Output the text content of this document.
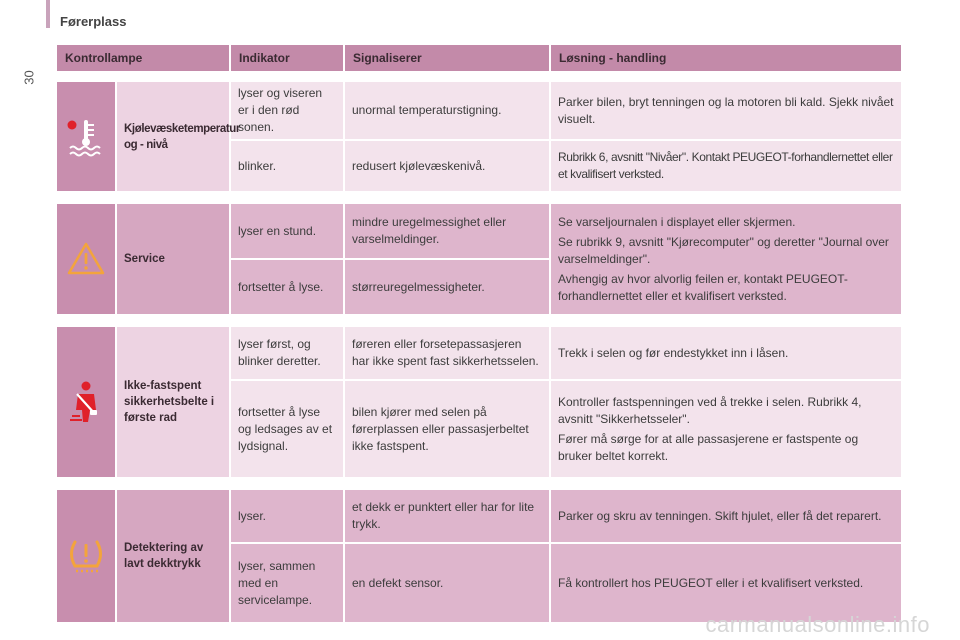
Førerplass
30
Kontrollampe		Indikator	Signaliserer	Løsning - handling

	Kjølevæsketemperatur og - nivå	lyser og viseren er i den rød sonen.	unormal temperaturstigning.	Parker bilen, bryt tenningen og la motoren bli kald. Sjekk nivået visuelt.

		blinker.	redusert kjølevæskenivå.	Rubrikk 6, avsnitt "Nivåer". Kontakt PEUGEOT-forhandlernettet eller et kvalifisert verksted.

	Service	lyser en stund.	mindre uregelmessighet eller varselmeldinger.	Se varseljournalen i displayet eller skjermen.

Se rubrikk 9, avsnitt "Kjørecomputer" og deretter "Journal over varselmeldinger".

Avhengig av hvor alvorlig feilen er, kontakt PEUGEOT-forhandlernettet eller et kvalifisert verksted.

		fortsetter å lyse.	størreuregelmessigheter.	

	Ikke-fastspent sikkerhetsbelte i første rad	lyser først, og blinker deretter.	føreren eller forsetepassasjeren har ikke spent fast sikkerhetsselen.	Trekk i selen og før endestykket inn i låsen.

		fortsetter å lyse og ledsages av et lydsignal.	bilen kjører med selen på førerplassen eller passasjerbeltet ikke fastspent.	Kontroller fastspenningen ved å trekke i selen. Rubrikk 4, avsnitt "Sikkerhetsseler".

Fører må sørge for at alle passasjerene er fastspente og bruker beltet korrekt.

	Detektering av lavt dekktrykk	lyser.	et dekk er punktert eller har for lite trykk.	Parker og skru av tenningen. Skift hjulet, eller få det reparert.

		lyser, sammen med en servicelampe.	en defekt sensor.	Få kontrollert hos PEUGEOT eller i et kvalifisert verksted.

carmanualsonline.info
